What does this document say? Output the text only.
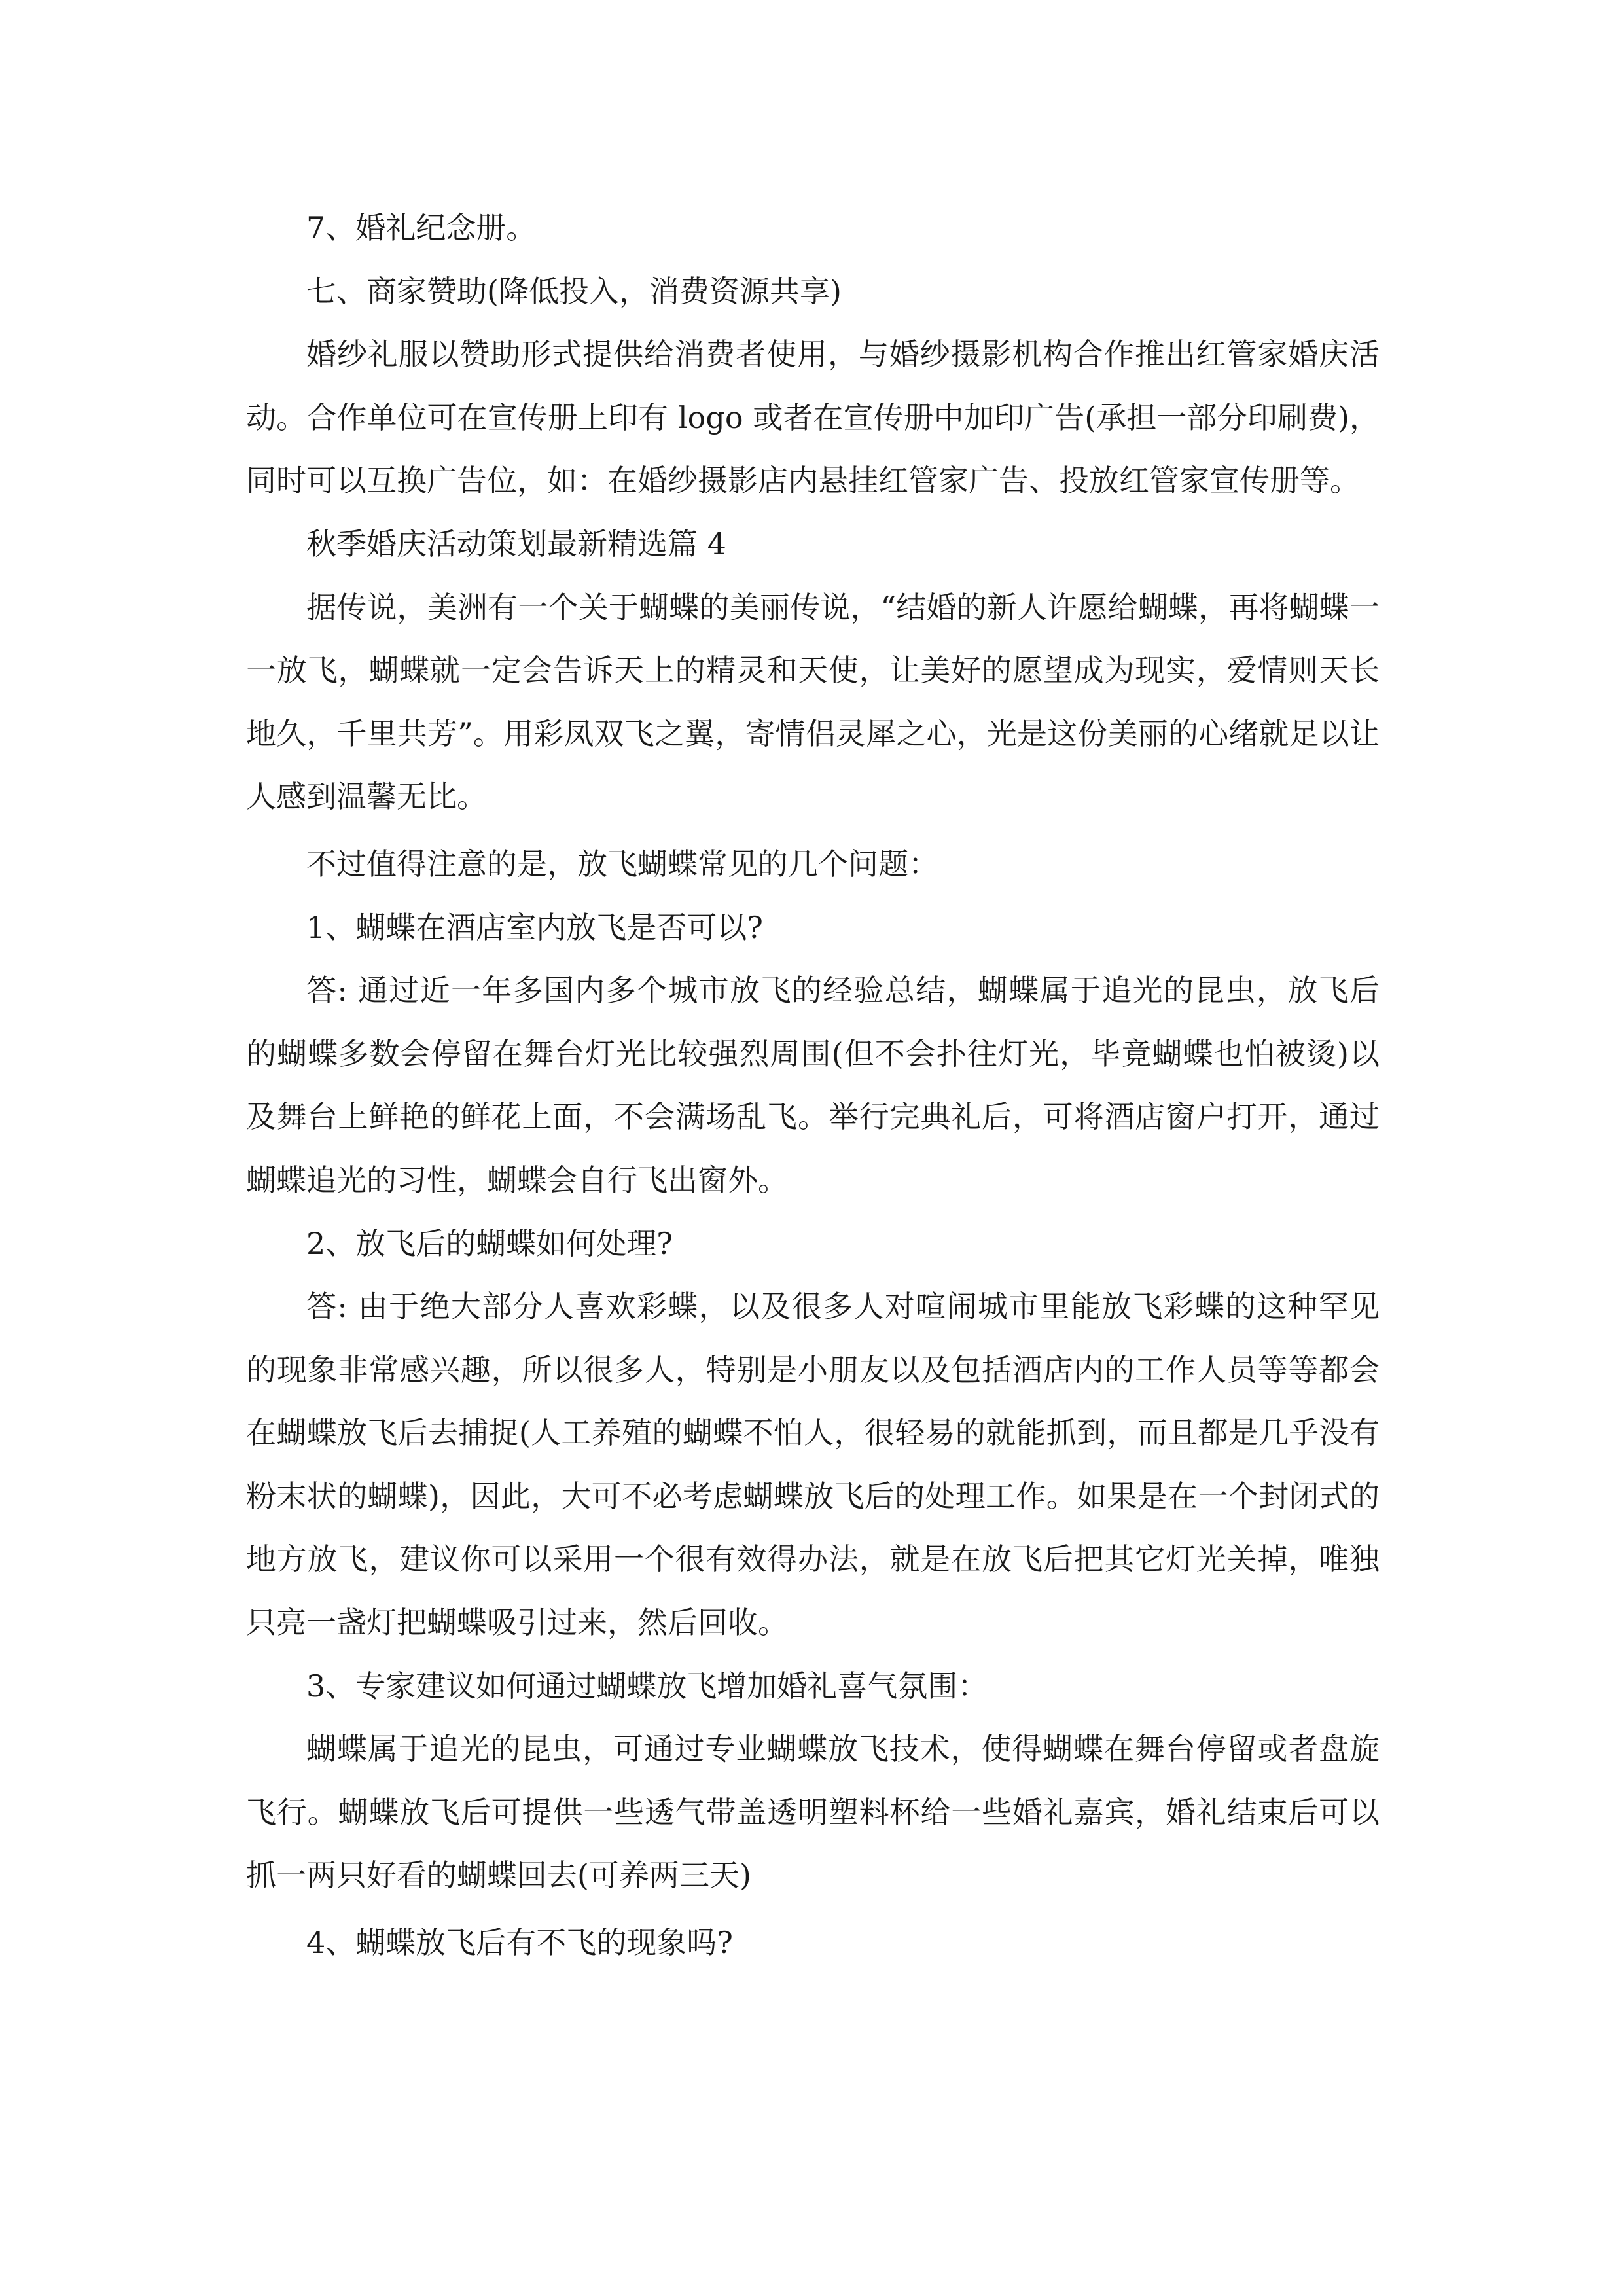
7、婚礼纪念册。

七、商家赞助(降低投入，消费资源共享)

婚纱礼服以赞助形式提供给消费者使用，与婚纱摄影机构合作推出红管家婚庆活动。合作单位可在宣传册上印有 logo 或者在宣传册中加印广告(承担一部分印刷费)，同时可以互换广告位，如：在婚纱摄影店内悬挂红管家广告、投放红管家宣传册等。

秋季婚庆活动策划最新精选篇 4

据传说，美洲有一个关于蝴蝶的美丽传说，“结婚的新人许愿给蝴蝶，再将蝴蝶一一放飞，蝴蝶就一定会告诉天上的精灵和天使，让美好的愿望成为现实，爱情则天长地久，千里共芳”。用彩凤双飞之翼，寄情侣灵犀之心，光是这份美丽的心绪就足以让人感到温馨无比。

不过值得注意的是，放飞蝴蝶常见的几个问题：

1、蝴蝶在酒店室内放飞是否可以?

答: 通过近一年多国内多个城市放飞的经验总结，蝴蝶属于追光的昆虫，放飞后的蝴蝶多数会停留在舞台灯光比较强烈周围(但不会扑往灯光，毕竟蝴蝶也怕被烫)以及舞台上鲜艳的鲜花上面，不会满场乱飞。举行完典礼后，可将酒店窗户打开，通过蝴蝶追光的习性，蝴蝶会自行飞出窗外。

2、放飞后的蝴蝶如何处理?

答: 由于绝大部分人喜欢彩蝶，以及很多人对喧闹城市里能放飞彩蝶的这种罕见的现象非常感兴趣，所以很多人，特别是小朋友以及包括酒店内的工作人员等等都会在蝴蝶放飞后去捕捉(人工养殖的蝴蝶不怕人，很轻易的就能抓到，而且都是几乎没有粉末状的蝴蝶)，因此，大可不必考虑蝴蝶放飞后的处理工作。如果是在一个封闭式的地方放飞，建议你可以采用一个很有效得办法，就是在放飞后把其它灯光关掉，唯独只亮一盏灯把蝴蝶吸引过来，然后回收。

3、专家建议如何通过蝴蝶放飞增加婚礼喜气氛围：

蝴蝶属于追光的昆虫，可通过专业蝴蝶放飞技术，使得蝴蝶在舞台停留或者盘旋飞行。蝴蝶放飞后可提供一些透气带盖透明塑料杯给一些婚礼嘉宾，婚礼结束后可以抓一两只好看的蝴蝶回去(可养两三天)

4、蝴蝶放飞后有不飞的现象吗?
